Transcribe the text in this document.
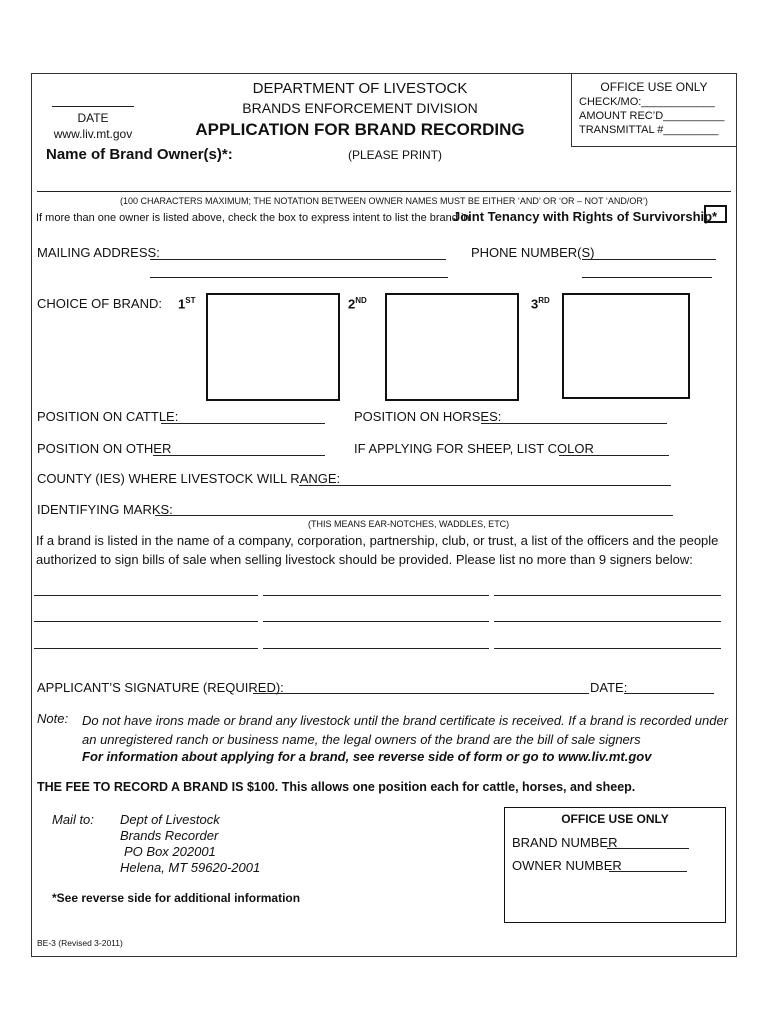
DATE
www.liv.mt.gov
DEPARTMENT OF LIVESTOCK
BRANDS ENFORCEMENT DIVISION
APPLICATION FOR BRAND RECORDING
OFFICE USE ONLY
CHECK/MO:____________
AMOUNT REC’D__________
TRANSMITTAL #_________
Name of Brand Owner(s)*:	(PLEASE PRINT)
(100 CHARACTERS MAXIMUM; THE NOTATION BETWEEN OWNER NAMES MUST BE EITHER ‘AND’ OR ‘OR – NOT ‘AND/OR’)
If more than one owner is listed above, check the box to express intent to list the brand in
Joint Tenancy with Rights of Survivorship*
MAILING ADDRESS:	PHONE NUMBER(S)
CHOICE OF BRAND: 1ST	2ND	3RD
POSITION ON CATTLE:	POSITION ON HORSES:
POSITION ON OTHER	IF APPLYING FOR SHEEP, LIST COLOR
COUNTY (IES) WHERE LIVESTOCK WILL RANGE:
IDENTIFYING MARKS:
(THIS MEANS EAR-NOTCHES, WADDLES, ETC)
If a brand is listed in the name of a company, corporation, partnership, club, or trust, a list of the officers and the people authorized to sign bills of sale when selling livestock should be provided. Please list no more than 9 signers below:
APPLICANT’S SIGNATURE (REQUIRED):	DATE:
Note: Do not have irons made or brand any livestock until the brand certificate is received. If a brand is recorded under an unregistered ranch or business name, the legal owners of the brand are the bill of sale signers
For information about applying for a brand, see reverse side of form or go to www.liv.mt.gov
THE FEE TO RECORD A BRAND IS $100. This allows one position each for cattle, horses, and sheep.
Mail to: Dept of Livestock
Brands Recorder
PO Box 202001
Helena, MT 59620-2001
OFFICE USE ONLY
BRAND NUMBER
OWNER NUMBER
*See reverse side for additional information
BE-3 (Revised 3-2011)
